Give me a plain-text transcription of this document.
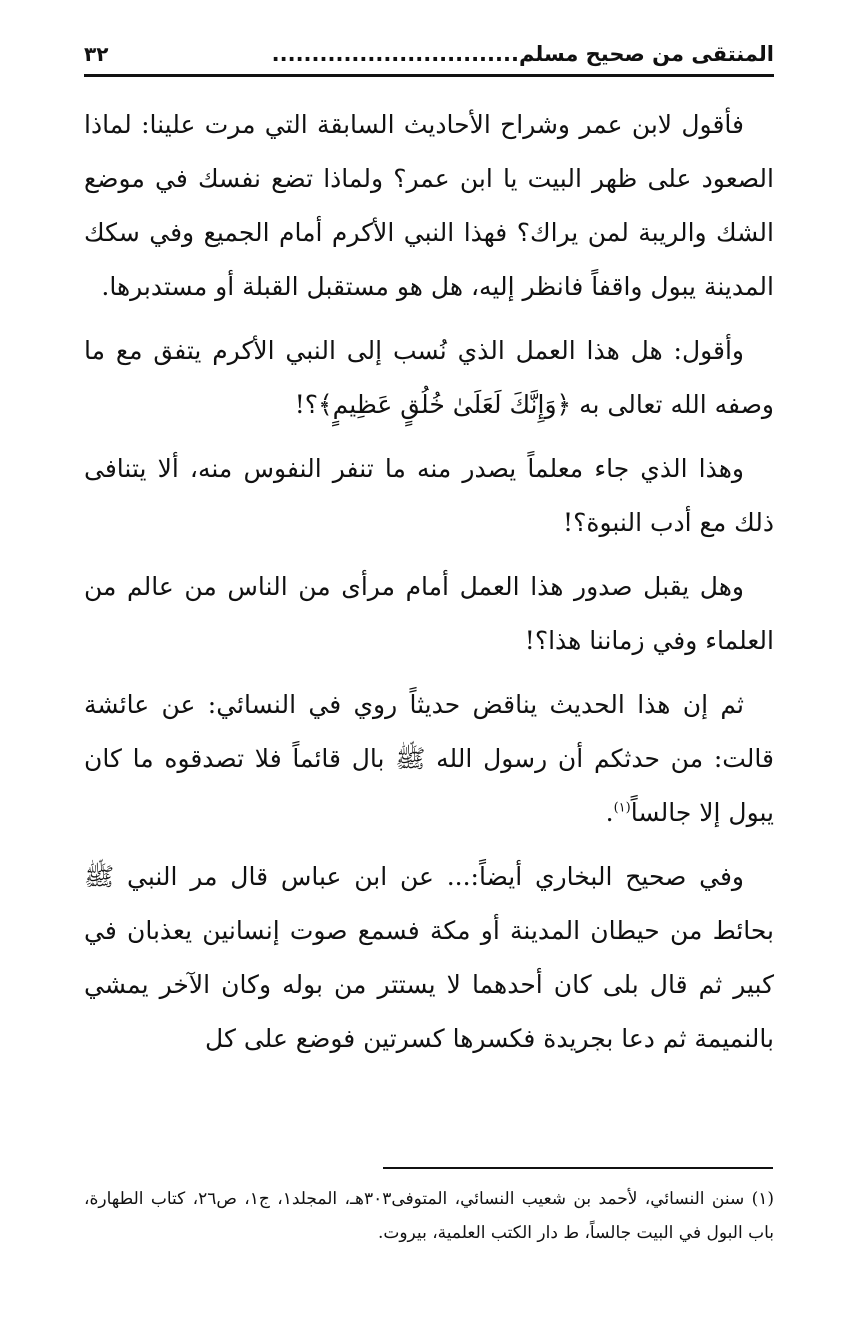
المنتقى من صحيح مسلم...............................
٣٢

فأقول لابن عمر وشراح الأحاديث السابقة التي مرت علينا: لماذا الصعود على ظهر البيت يا ابن عمر؟ ولماذا تضع نفسك في موضع الشك والريبة لمن يراك؟ فهذا النبي الأكرم أمام الجميع وفي سكك المدينة يبول واقفاً فانظر إليه، هل هو مستقبل القبلة أو مستدبرها.

وأقول: هل هذا العمل الذي نُسب إلى النبي الأكرم يتفق مع ما وصفه الله تعالى به ﴿وَإِنَّكَ لَعَلَىٰ خُلُقٍ عَظِيمٍ﴾؟!

وهذا الذي جاء معلماً يصدر منه ما تنفر النفوس منه، ألا يتنافى ذلك مع أدب النبوة؟!

وهل يقبل صدور هذا العمل أمام مرأى من الناس من عالم من العلماء وفي زماننا هذا؟!

ثم إن هذا الحديث يناقض حديثاً روي في النسائي: عن عائشة قالت: من حدثكم أن رسول الله ﷺ بال قائماً فلا تصدقوه ما كان يبول إلا جالساً$^{(١)}$.

وفي صحيح البخاري أيضاً:... عن ابن عباس قال مر النبي ﷺ بحائط من حيطان المدينة أو مكة فسمع صوت إنسانين يعذبان في كبير ثم قال بلى كان أحدهما لا يستتر من بوله وكان الآخر يمشي بالنميمة ثم دعا بجريدة فكسرها كسرتين فوضع على كل

(١) سنن النسائي، لأحمد بن شعيب النسائي، المتوفى٣٠٣هـ، المجلد١، ج١، ص٢٦، كتاب الطهارة، باب البول في البيت جالساً، ط دار الكتب العلمية، بيروت.
